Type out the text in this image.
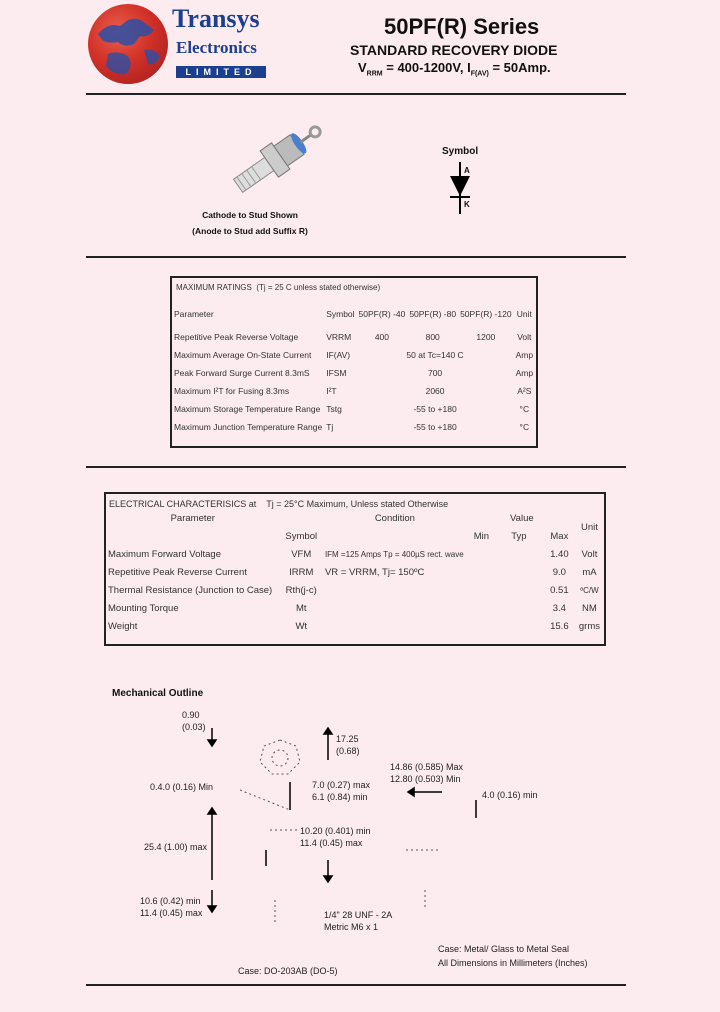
Transys
Electronics
LIMITED
50PF(R) Series
STANDARD RECOVERY DIODE
$V_{RRM} = 400-1200V$, $I_{F(AV)} = 50Amp$.
Cathode to Stud Shown
(Anode to Stud add Suffix R)
Symbol
A
K
MAXIMUM RATINGS (Tj = 25 C unless stated otherwise)
Parameter	Symbol	50PF(R) -40	50PF(R) -80	50PF(R) -120	Unit
Repetitive Peak Reverse Voltage	VRRM	400	800	1200	Volt
Maximum Average On-State Current	IF(AV)	50 at Tc=140 C			Amp
Peak Forward Surge Current 8.3mS	IFSM	700			Amp
Maximum I²T for Fusing 8.3ms	I²T	2060			A²S
Maximum Storage Temperature Range	Tstg	-55 to +180			°C
Maximum Junction Temperature Range	Tj	-55 to +180			°C
ELECTRICAL CHARACTERISICS at Tj = 25°C Maximum, Unless stated Otherwise
Parameter		Condition	Value			Unit
	Symbol		Min	Typ	Max	
Maximum Forward Voltage	VFM	IFM =125 Amps Tp = 400µS rect. wave			1.40	Volt
Repetitive Peak Reverse Current	IRRM	VR = VRRM, Tj= 150ºC			9.0	mA
Thermal Resistance (Junction to Case)	Rth(j-c)				0.51	ºC/W
Mounting Torque	Mt				3.4	NM
Weight	Wt				15.6	grms
Mechanical Outline
0.90
(0.03)
17.25
(0.68)
0.4.0 (0.16) Min	7.0 (0.27) max
6.1 (0.84) min
14.86 (0.585) Max
12.80 (0.503) Min
4.0 (0.16) min
25.4 (1.00) max
10.20 (0.401) min
11.4 (0.45) max
10.6 (0.42) min
11.4 (0.45) max	1/4" 28 UNF - 2A
Metric M6 x 1
Case: Metal/ Glass to Metal Seal
All Dimensions in Millimeters (Inches)
Case: DO-203AB (DO-5)
